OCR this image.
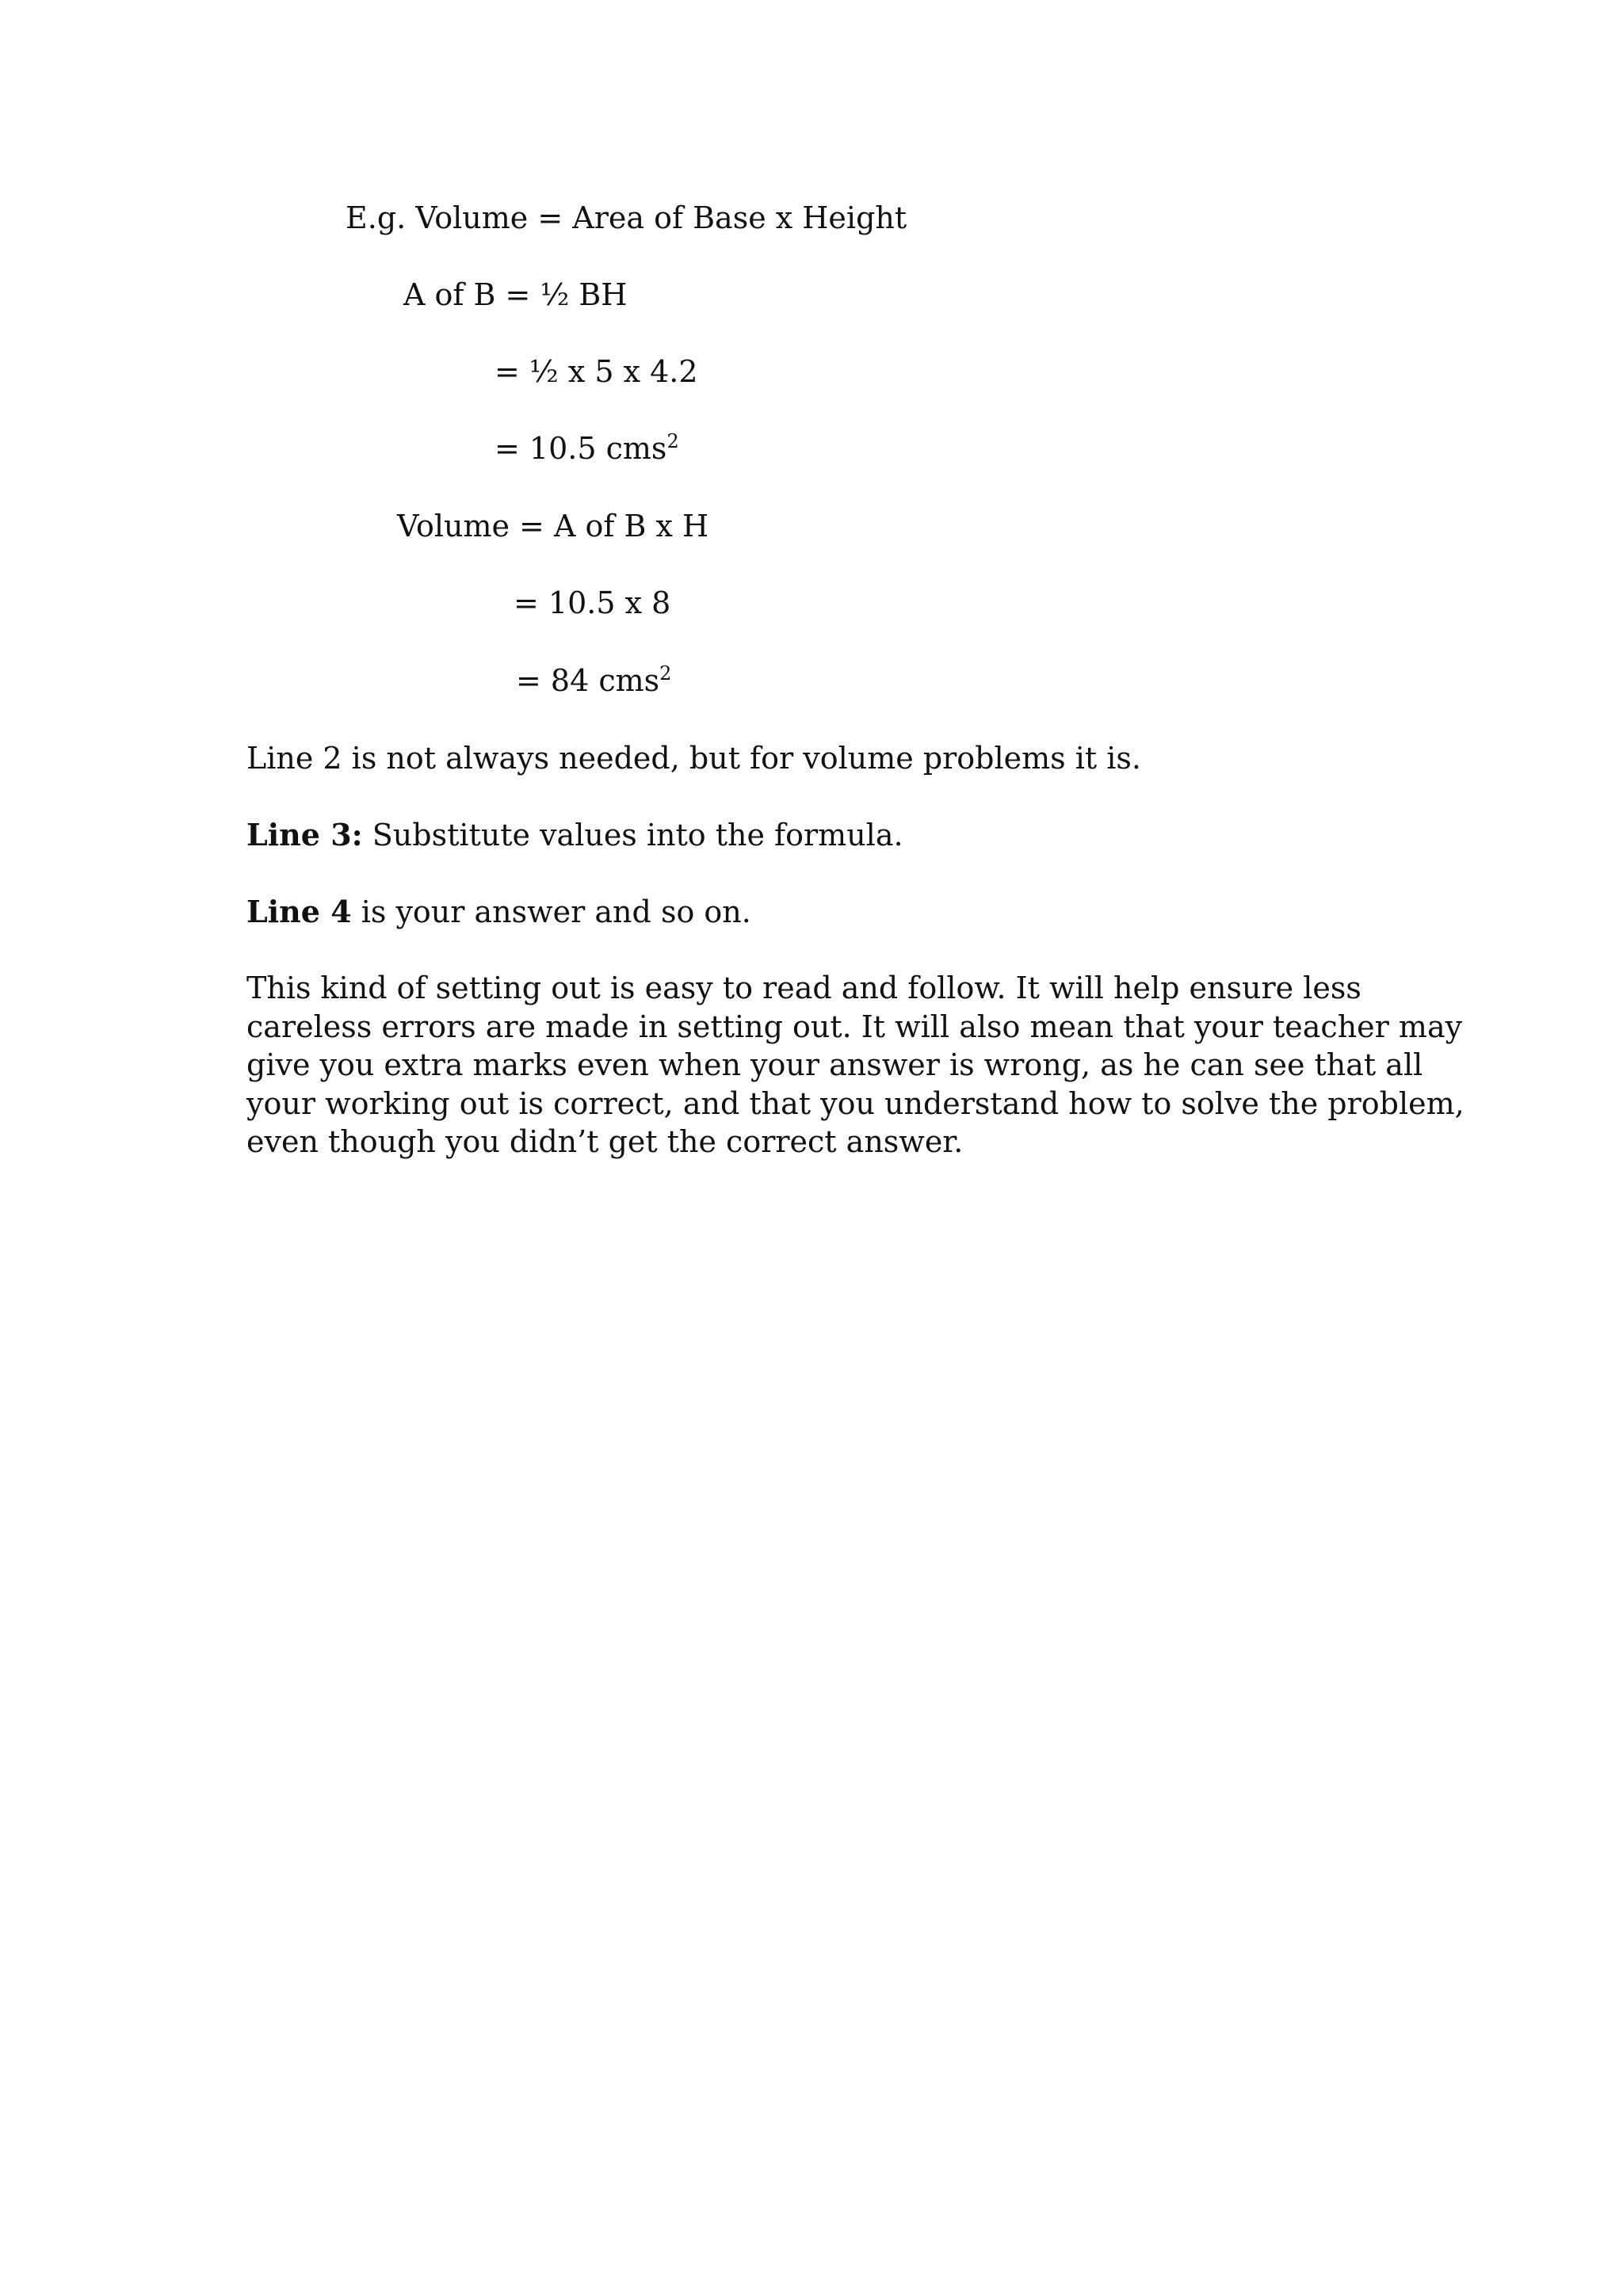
E.g. Volume = Area of Base x Height
A of B = ½ BH
= ½ x 5 x 4.2
= 10.5 cms$^2$
Volume = A of B x H
= 10.5 x 8
= 84 cms$^2$
Line 2 is not always needed, but for volume problems it is.
Line 3: Substitute values into the formula.
Line 4 is your answer and so on.
This kind of setting out is easy to read and follow. It will help ensure less
careless errors are made in setting out. It will also mean that your teacher may
give you extra marks even when your answer is wrong, as he can see that all
your working out is correct, and that you understand how to solve the problem,
even though you didn’t get the correct answer.
